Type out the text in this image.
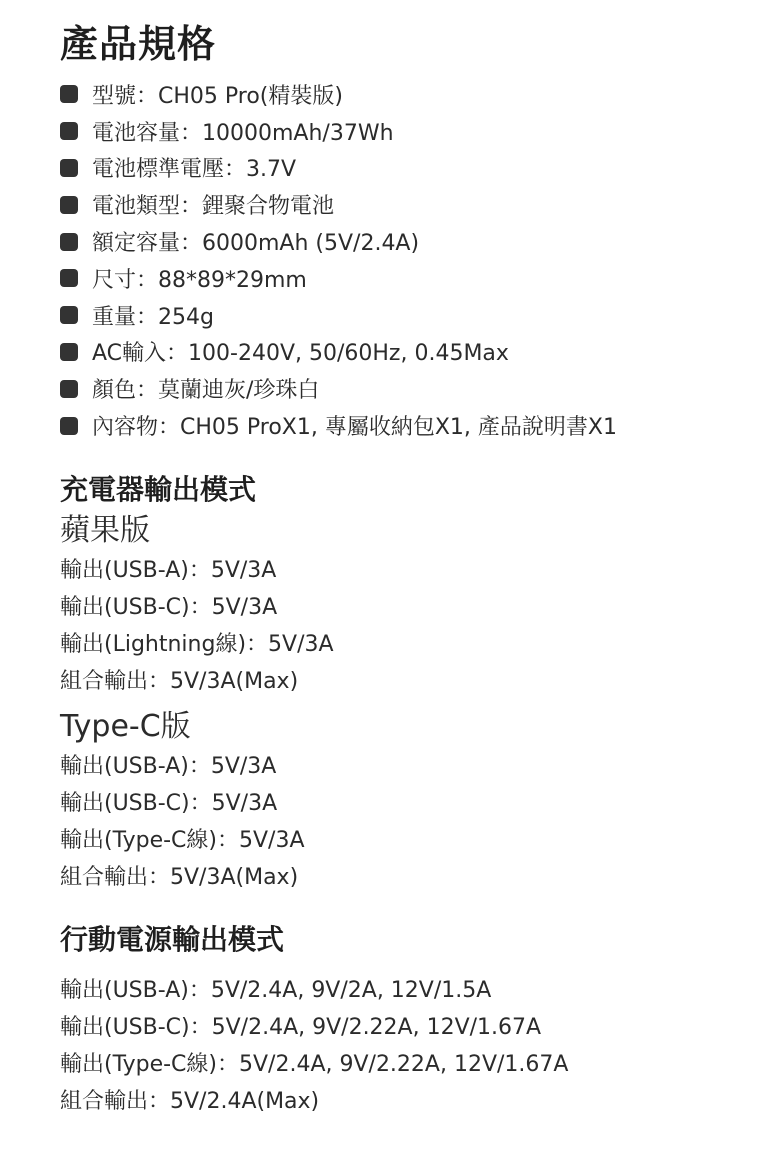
產品規格
型號：CH05 Pro(精裝版)
電池容量：10000mAh/37Wh
電池標準電壓：3.7V
電池類型：鋰聚合物電池
額定容量：6000mAh (5V/2.4A)
尺寸：88*89*29mm
重量：254g
AC輸入：100-240V, 50/60Hz, 0.45Max
顏色：莫蘭迪灰/珍珠白
內容物：CH05 ProX1, 專屬收納包X1, 產品說明書X1
充電器輸出模式
蘋果版
輸出(USB-A)：5V/3A
輸出(USB-C)：5V/3A
輸出(Lightning線)：5V/3A
組合輸出：5V/3A(Max)
Type-C版
輸出(USB-A)：5V/3A
輸出(USB-C)：5V/3A
輸出(Type-C線)：5V/3A
組合輸出：5V/3A(Max)
行動電源輸出模式
輸出(USB-A)：5V/2.4A, 9V/2A, 12V/1.5A
輸出(USB-C)：5V/2.4A, 9V/2.22A, 12V/1.67A
輸出(Type-C線)：5V/2.4A, 9V/2.22A, 12V/1.67A
組合輸出：5V/2.4A(Max)
